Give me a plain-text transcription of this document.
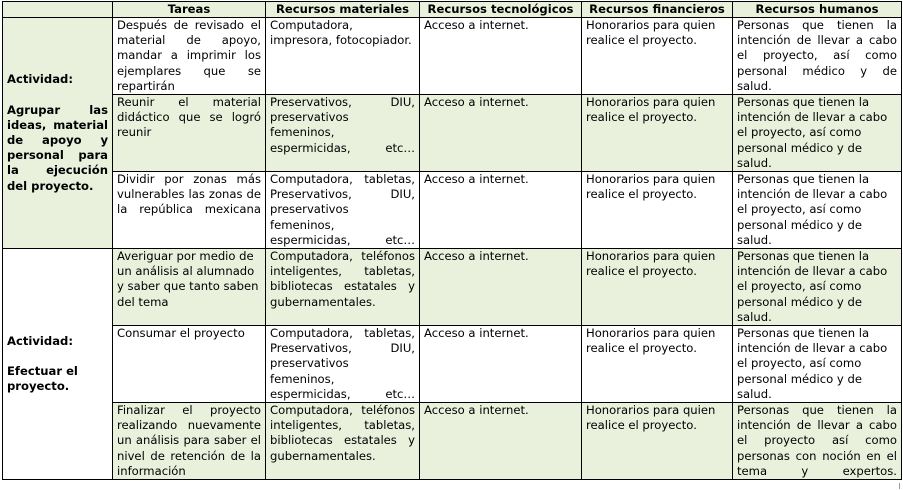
	Tareas	Recursos materiales	Recursos tecnológicos	Recursos financieros	Recursos humanos

Actividad:
Agrupar las ideas, material de apoyo y personal para la ejecución del proyecto.	Después de revisado el material de apoyo, mandar a imprimir los ejemplares que se repartirán	Computadora, impresora, fotocopiador.	Acceso a internet.	Honorarios para quien realice el proyecto.	Personas que tienen la intención de llevar a cabo el proyecto, así como personal médico y de salud.
	Reunir el material didáctico que se logró reunir	Preservativos, DIU, preservativos femeninos, espermicidas, etc…	Acceso a internet.	Honorarios para quien realice el proyecto.	Personas que tienen la intención de llevar a cabo el proyecto, así como personal médico y de salud.
	Dividir por zonas más vulnerables las zonas de la república mexicana	Computadora, tabletas, Preservativos, DIU, preservativos femeninos, espermicidas, etc…	Acceso a internet.	Honorarios para quien realice el proyecto.	Personas que tienen la intención de llevar a cabo el proyecto, así como personal médico y de salud.

Actividad:
Efectuar el proyecto.	Averiguar por medio de un análisis al alumnado y saber que tanto saben del tema	Computadora, teléfonos inteligentes, tabletas, bibliotecas estatales y gubernamentales.	Acceso a internet.	Honorarios para quien realice el proyecto.	Personas que tienen la intención de llevar a cabo el proyecto, así como personal médico y de salud.
	Consumar el proyecto	Computadora, tabletas, Preservativos, DIU, preservativos femeninos, espermicidas, etc…	Acceso a internet.	Honorarios para quien realice el proyecto.	Personas que tienen la intención de llevar a cabo el proyecto, así como personal médico y de salud.
	Finalizar el proyecto realizando nuevamente un análisis para saber el nivel de retención de la información	Computadora, teléfonos inteligentes, tabletas, bibliotecas estatales y gubernamentales.	Acceso a internet.	Honorarios para quien realice el proyecto.	Personas que tienen la intención de llevar a cabo el proyecto así como personas con noción en el tema y expertos.
